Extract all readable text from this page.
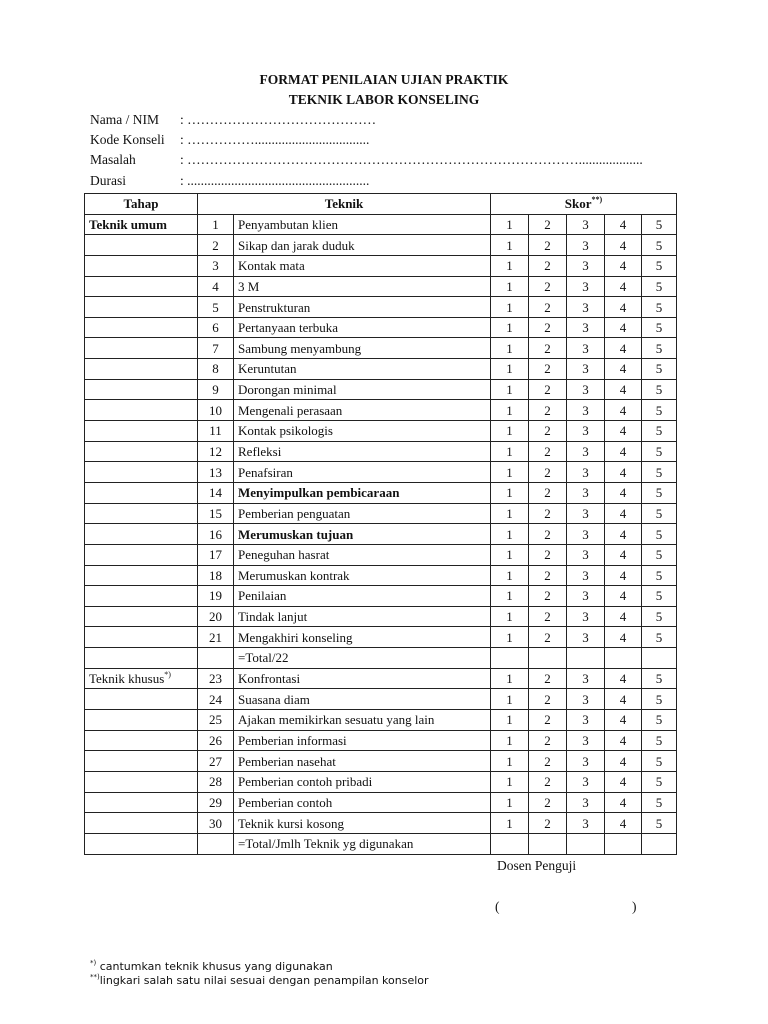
FORMAT PENILAIAN UJIAN PRAKTIK
TEKNIK LABOR KONSELING
Nama / NIM : ……………………………………
Kode Konseli : ……………..................................
Masalah	: ……………………………………………………………………………...................
Durasi	: ......................................................
Tahap	Teknik		Skor**)
Teknik umum	1	Penyambutan klien	1	2	3	4	5
	2	Sikap dan jarak duduk	1	2	3	4	5
	3	Kontak mata	1	2	3	4	5
	4	3 M	1	2	3	4	5
	5	Penstrukturan	1	2	3	4	5
	6	Pertanyaan terbuka	1	2	3	4	5
	7	Sambung menyambung	1	2	3	4	5
	8	Keruntutan	1	2	3	4	5
	9	Dorongan minimal	1	2	3	4	5
	10	Mengenali perasaan	1	2	3	4	5
	11	Kontak psikologis	1	2	3	4	5
	12	Refleksi	1	2	3	4	5
	13	Penafsiran	1	2	3	4	5
	14	Menyimpulkan pembicaraan	1	2	3	4	5
	15	Pemberian penguatan	1	2	3	4	5
	16	Merumuskan tujuan	1	2	3	4	5
	17	Peneguhan hasrat	1	2	3	4	5
	18	Merumuskan kontrak	1	2	3	4	5
	19	Penilaian	1	2	3	4	5
	20	Tindak lanjut	1	2	3	4	5
	21	Mengakhiri konseling	1	2	3	4	5
		=Total/22					
Teknik khusus*)	23	Konfrontasi	1	2	3	4	5
	24	Suasana diam	1	2	3	4	5
	25	Ajakan memikirkan sesuatu yang lain	1	2	3	4	5
	26	Pemberian informasi	1	2	3	4	5
	27	Pemberian nasehat	1	2	3	4	5
	28	Pemberian contoh pribadi	1	2	3	4	5
	29	Pemberian contoh	1	2	3	4	5
	30	Teknik kursi kosong	1	2	3	4	5
		=Total/Jmlh Teknik yg digunakan					
Dosen Penguji
(	)
*) cantumkan teknik khusus yang digunakan
**)lingkari salah satu nilai sesuai dengan penampilan konselor
